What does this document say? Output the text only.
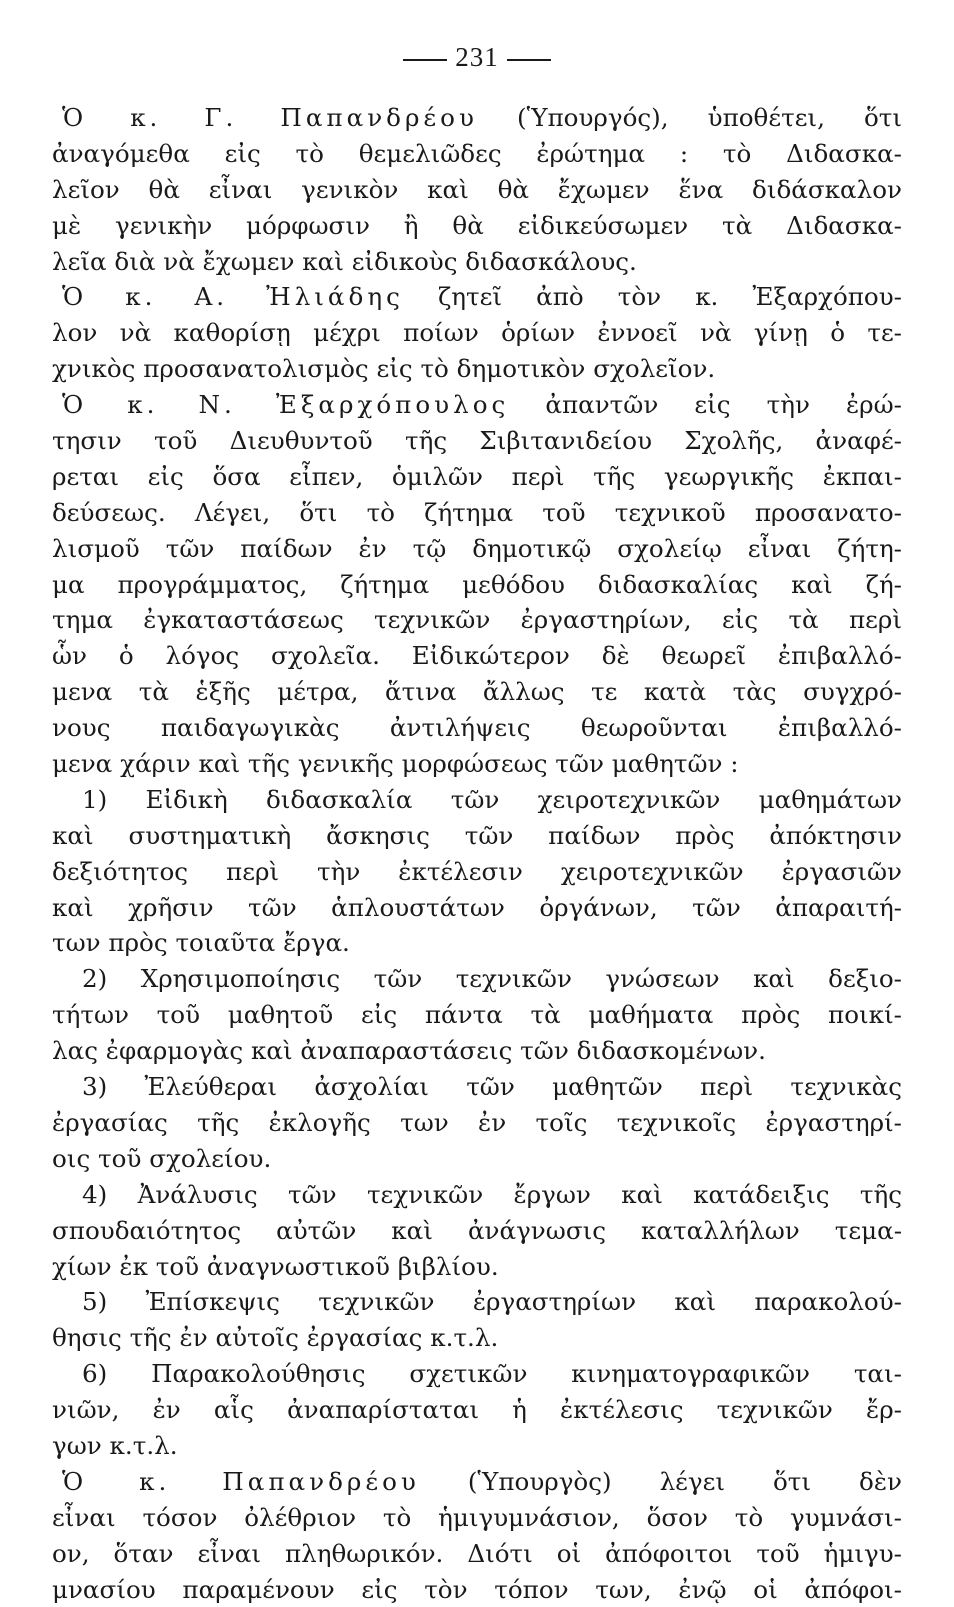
231
Ὁ κ. Γ. Παπανδρέου (Ὑπουργός), ὑποθέτει, ὅτι
ἀναγόμεθα εἰς τὸ θεμελιῶδες ἐρώτημα : τὸ Διδασκα-
λεῖον θὰ εἶναι γενικὸν καὶ θὰ ἔχωμεν ἕνα διδάσκαλον
μὲ γενικὴν μόρφωσιν ἢ θὰ εἰδικεύσωμεν τὰ Διδασκα-
λεῖα διὰ νὰ ἔχωμεν καὶ εἰδικοὺς διδασκάλους.
Ὁ κ. Α. Ἠλιάδης ζητεῖ ἀπὸ τὸν κ. Ἐξαρχόπου-
λον νὰ καθορίσῃ μέχρι ποίων ὁρίων ἐννοεῖ νὰ γίνῃ ὁ τε-
χνικὸς προσανατολισμὸς εἰς τὸ δημοτικὸν σχολεῖον.
Ὁ κ. Ν. Ἐξαρχόπουλος ἀπαντῶν εἰς τὴν ἐρώ-
τησιν τοῦ Διευθυντοῦ τῆς Σιβιτανιδείου Σχολῆς, ἀναφέ-
ρεται εἰς ὅσα εἶπεν, ὁμιλῶν περὶ τῆς γεωργικῆς ἐκπαι-
δεύσεως. Λέγει, ὅτι τὸ ζήτημα τοῦ τεχνικοῦ προσανατο-
λισμοῦ τῶν παίδων ἐν τῷ δημοτικῷ σχολείῳ εἶναι ζήτη-
μα προγράμματος, ζήτημα μεθόδου διδασκαλίας καὶ ζή-
τημα ἐγκαταστάσεως τεχνικῶν ἐργαστηρίων, εἰς τὰ περὶ
ὧν ὁ λόγος σχολεῖα. Εἰδικώτερον δὲ θεωρεῖ ἐπιβαλλό-
μενα τὰ ἑξῆς μέτρα, ἅτινα ἄλλως τε κατὰ τὰς συγχρό-
νους παιδαγωγικὰς ἀντιλήψεις θεωροῦνται ἐπιβαλλό-
μενα χάριν καὶ τῆς γενικῆς μορφώσεως τῶν μαθητῶν :
1) Εἰδικὴ διδασκαλία τῶν χειροτεχνικῶν μαθημάτων
καὶ συστηματικὴ ἄσκησις τῶν παίδων πρὸς ἀπόκτησιν
δεξιότητος περὶ τὴν ἐκτέλεσιν χειροτεχνικῶν ἐργασιῶν
καὶ χρῆσιν τῶν ἁπλουστάτων ὀργάνων, τῶν ἀπαραιτή-
των πρὸς τοιαῦτα ἔργα.
2) Χρησιμοποίησις τῶν τεχνικῶν γνώσεων καὶ δεξιο-
τήτων τοῦ μαθητοῦ εἰς πάντα τὰ μαθήματα πρὸς ποικί-
λας ἐφαρμογὰς καὶ ἀναπαραστάσεις τῶν διδασκομένων.
3) Ἐλεύθεραι ἀσχολίαι τῶν μαθητῶν περὶ τεχνικὰς
ἐργασίας τῆς ἐκλογῆς των ἐν τοῖς τεχνικοῖς ἐργαστηρί-
οις τοῦ σχολείου.
4) Ἀνάλυσις τῶν τεχνικῶν ἔργων καὶ κατάδειξις τῆς
σπουδαιότητος αὐτῶν καὶ ἀνάγνωσις καταλλήλων τεμα-
χίων ἐκ τοῦ ἀναγνωστικοῦ βιβλίου.
5) Ἐπίσκεψις τεχνικῶν ἐργαστηρίων καὶ παρακολού-
θησις τῆς ἐν αὐτοῖς ἐργασίας κ.τ.λ.
6) Παρακολούθησις σχετικῶν κινηματογραφικῶν ται-
νιῶν, ἐν αἷς ἀναπαρίσταται ἡ ἐκτέλεσις τεχνικῶν ἔρ-
γων κ.τ.λ.
Ὁ κ. Παπανδρέου (Ὑπουργὸς) λέγει ὅτι δὲν
εἶναι τόσον ὀλέθριον τὸ ἡμιγυμνάσιον, ὅσον τὸ γυμνάσι-
ον, ὅταν εἶναι πληθωρικόν. Διότι οἱ ἀπόφοιτοι τοῦ ἡμιγυ-
μνασίου παραμένουν εἰς τὸν τόπον των, ἐνῷ οἱ ἀπόφοι-
